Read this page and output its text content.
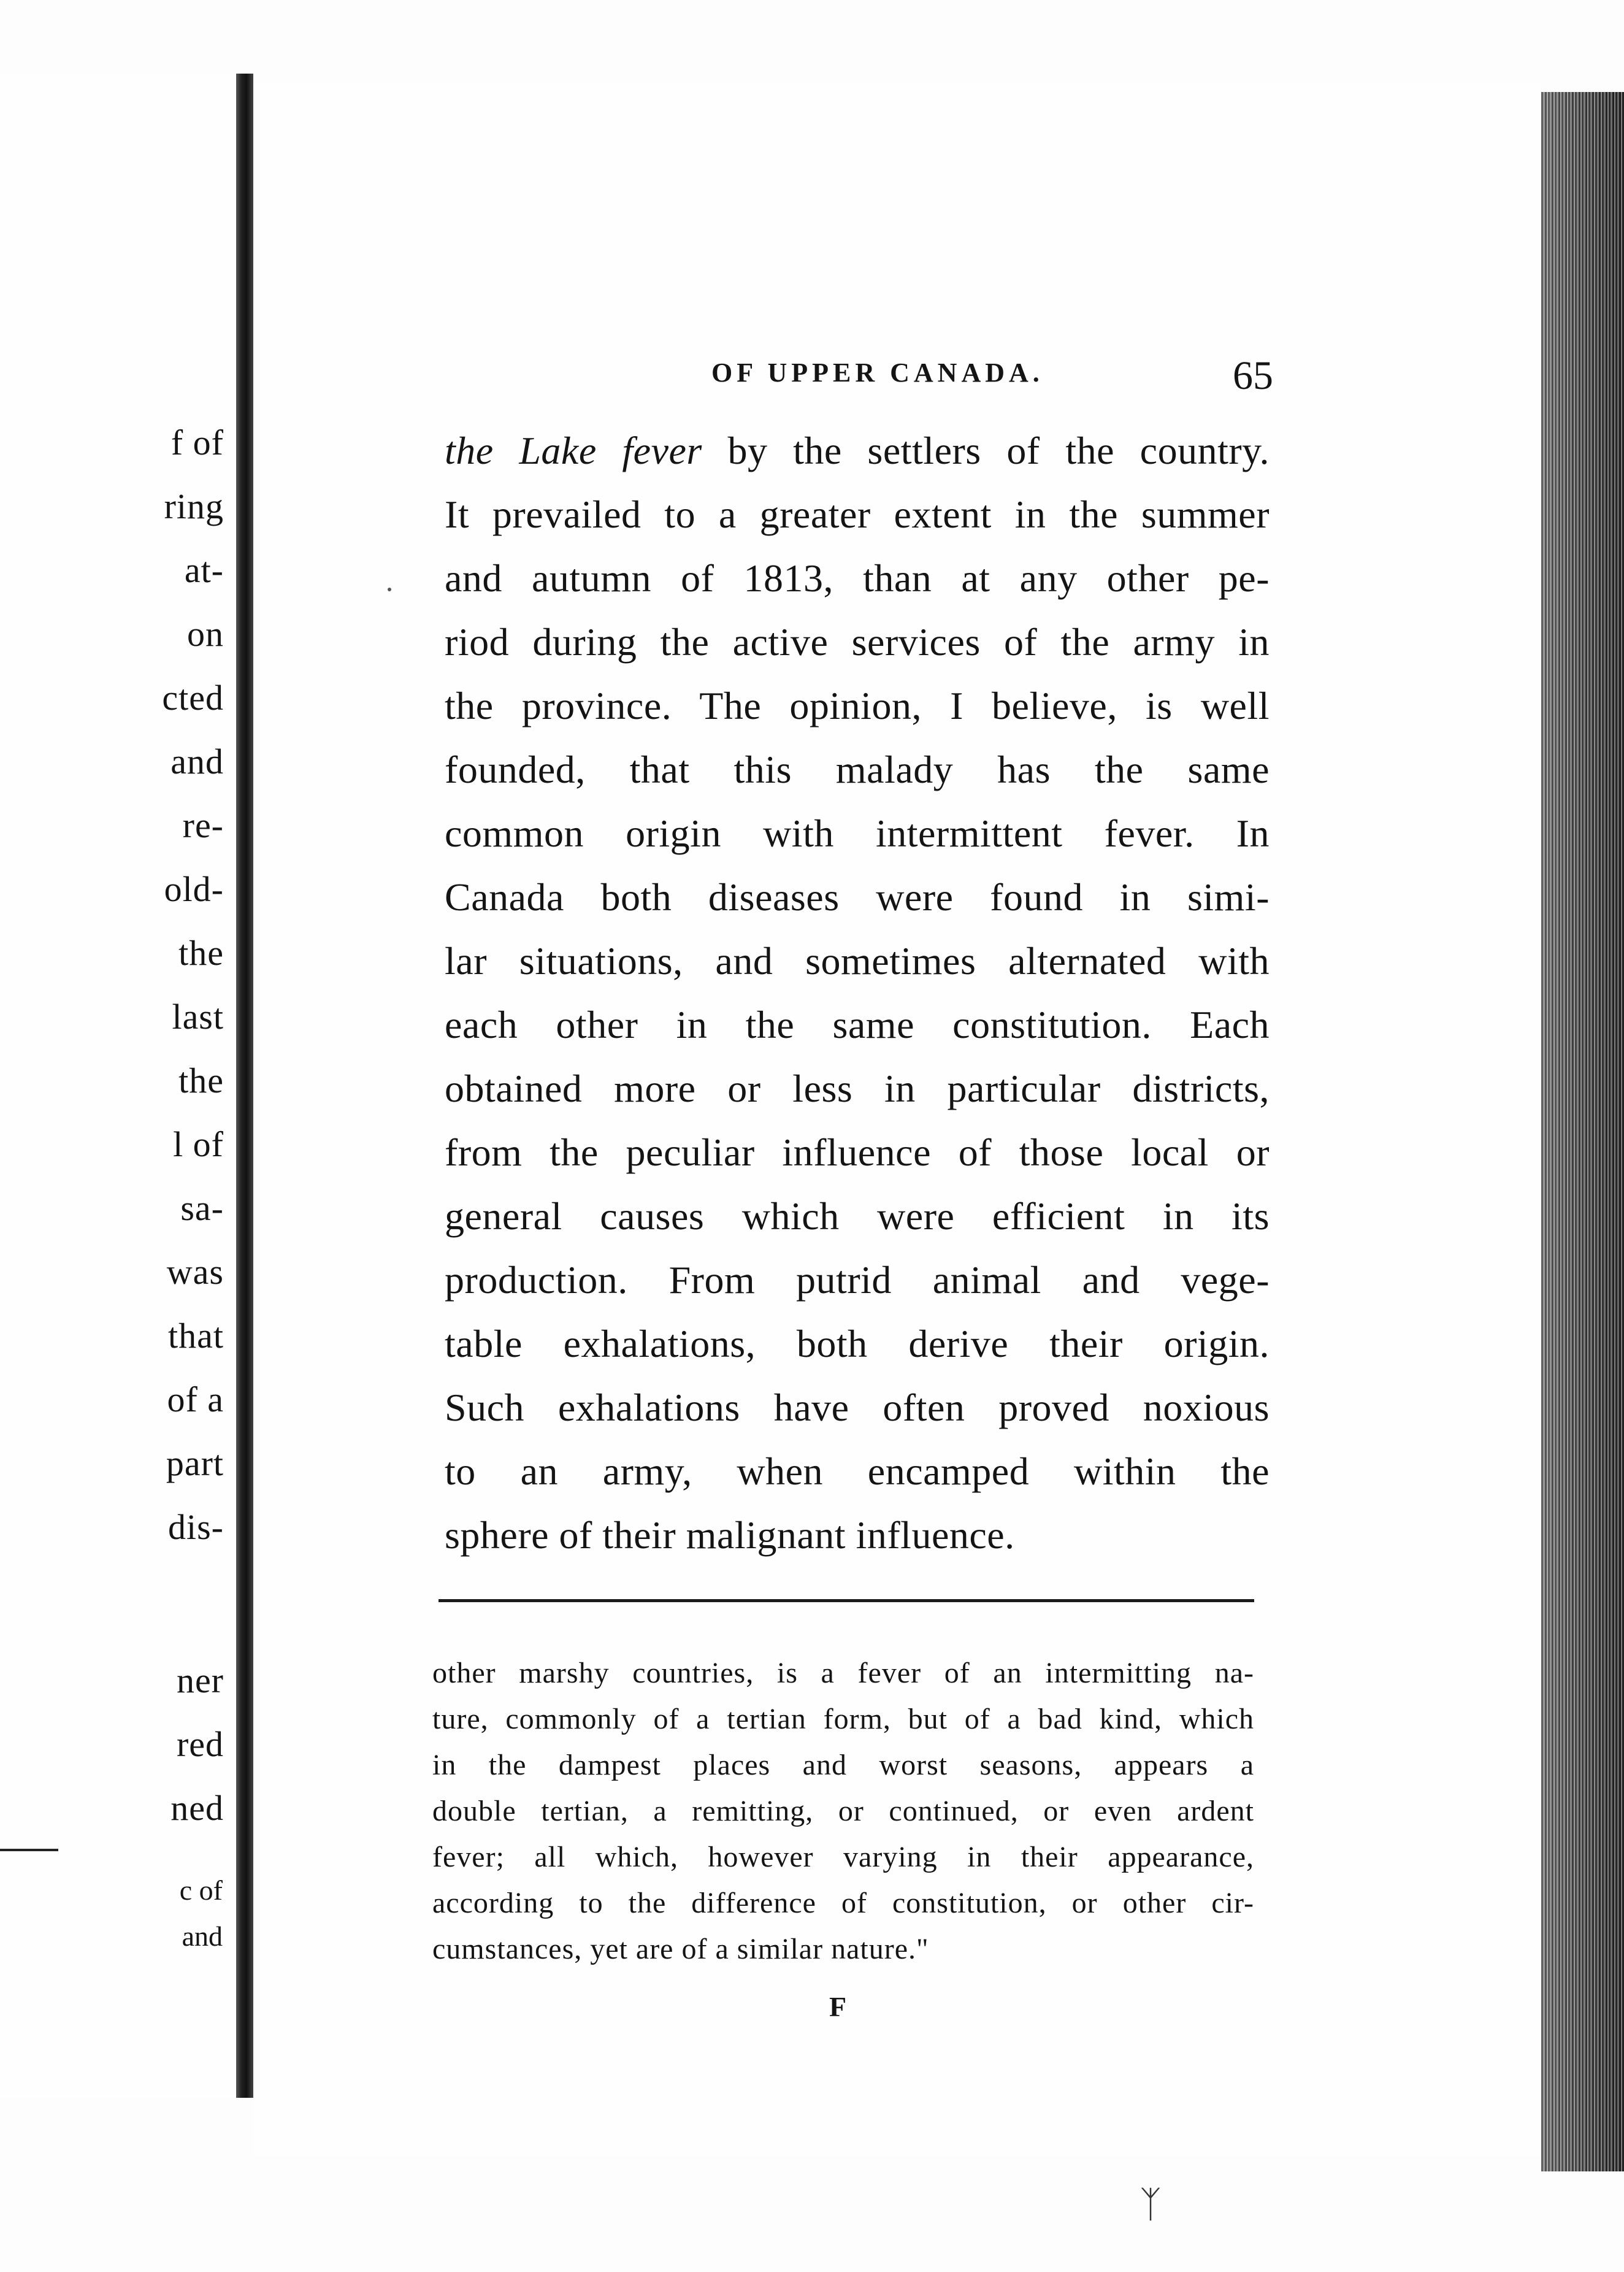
f of
ring
at-
on
cted
and
re-
old-
the
last
the
l of
sa-
was
that
of a
part
dis-
ner
red
ned
c of
and
OF UPPER CANADA.	65
the Lake fever by the settlers of the country.
It prevailed to a greater extent in the summer
and autumn of 1813, than at any other pe-
riod during the active services of the army in
the province. The opinion, I believe, is well
founded, that this malady has the same
common origin with intermittent fever. In
Canada both diseases were found in simi-
lar situations, and sometimes alternated with
each other in the same constitution. Each
obtained more or less in particular districts,
from the peculiar influence of those local or
general causes which were efficient in its
production. From putrid animal and vege-
table exhalations, both derive their origin.
Such exhalations have often proved noxious
to an army, when encamped within the
sphere of their malignant influence.
other marshy countries, is a fever of an intermitting na-
ture, commonly of a tertian form, but of a bad kind, which
in the dampest places and worst seasons, appears a
double tertian, a remitting, or continued, or even ardent
fever; all which, however varying in their appearance,
according to the difference of constitution, or other cir-
cumstances, yet are of a similar nature."
F
ᛉ
